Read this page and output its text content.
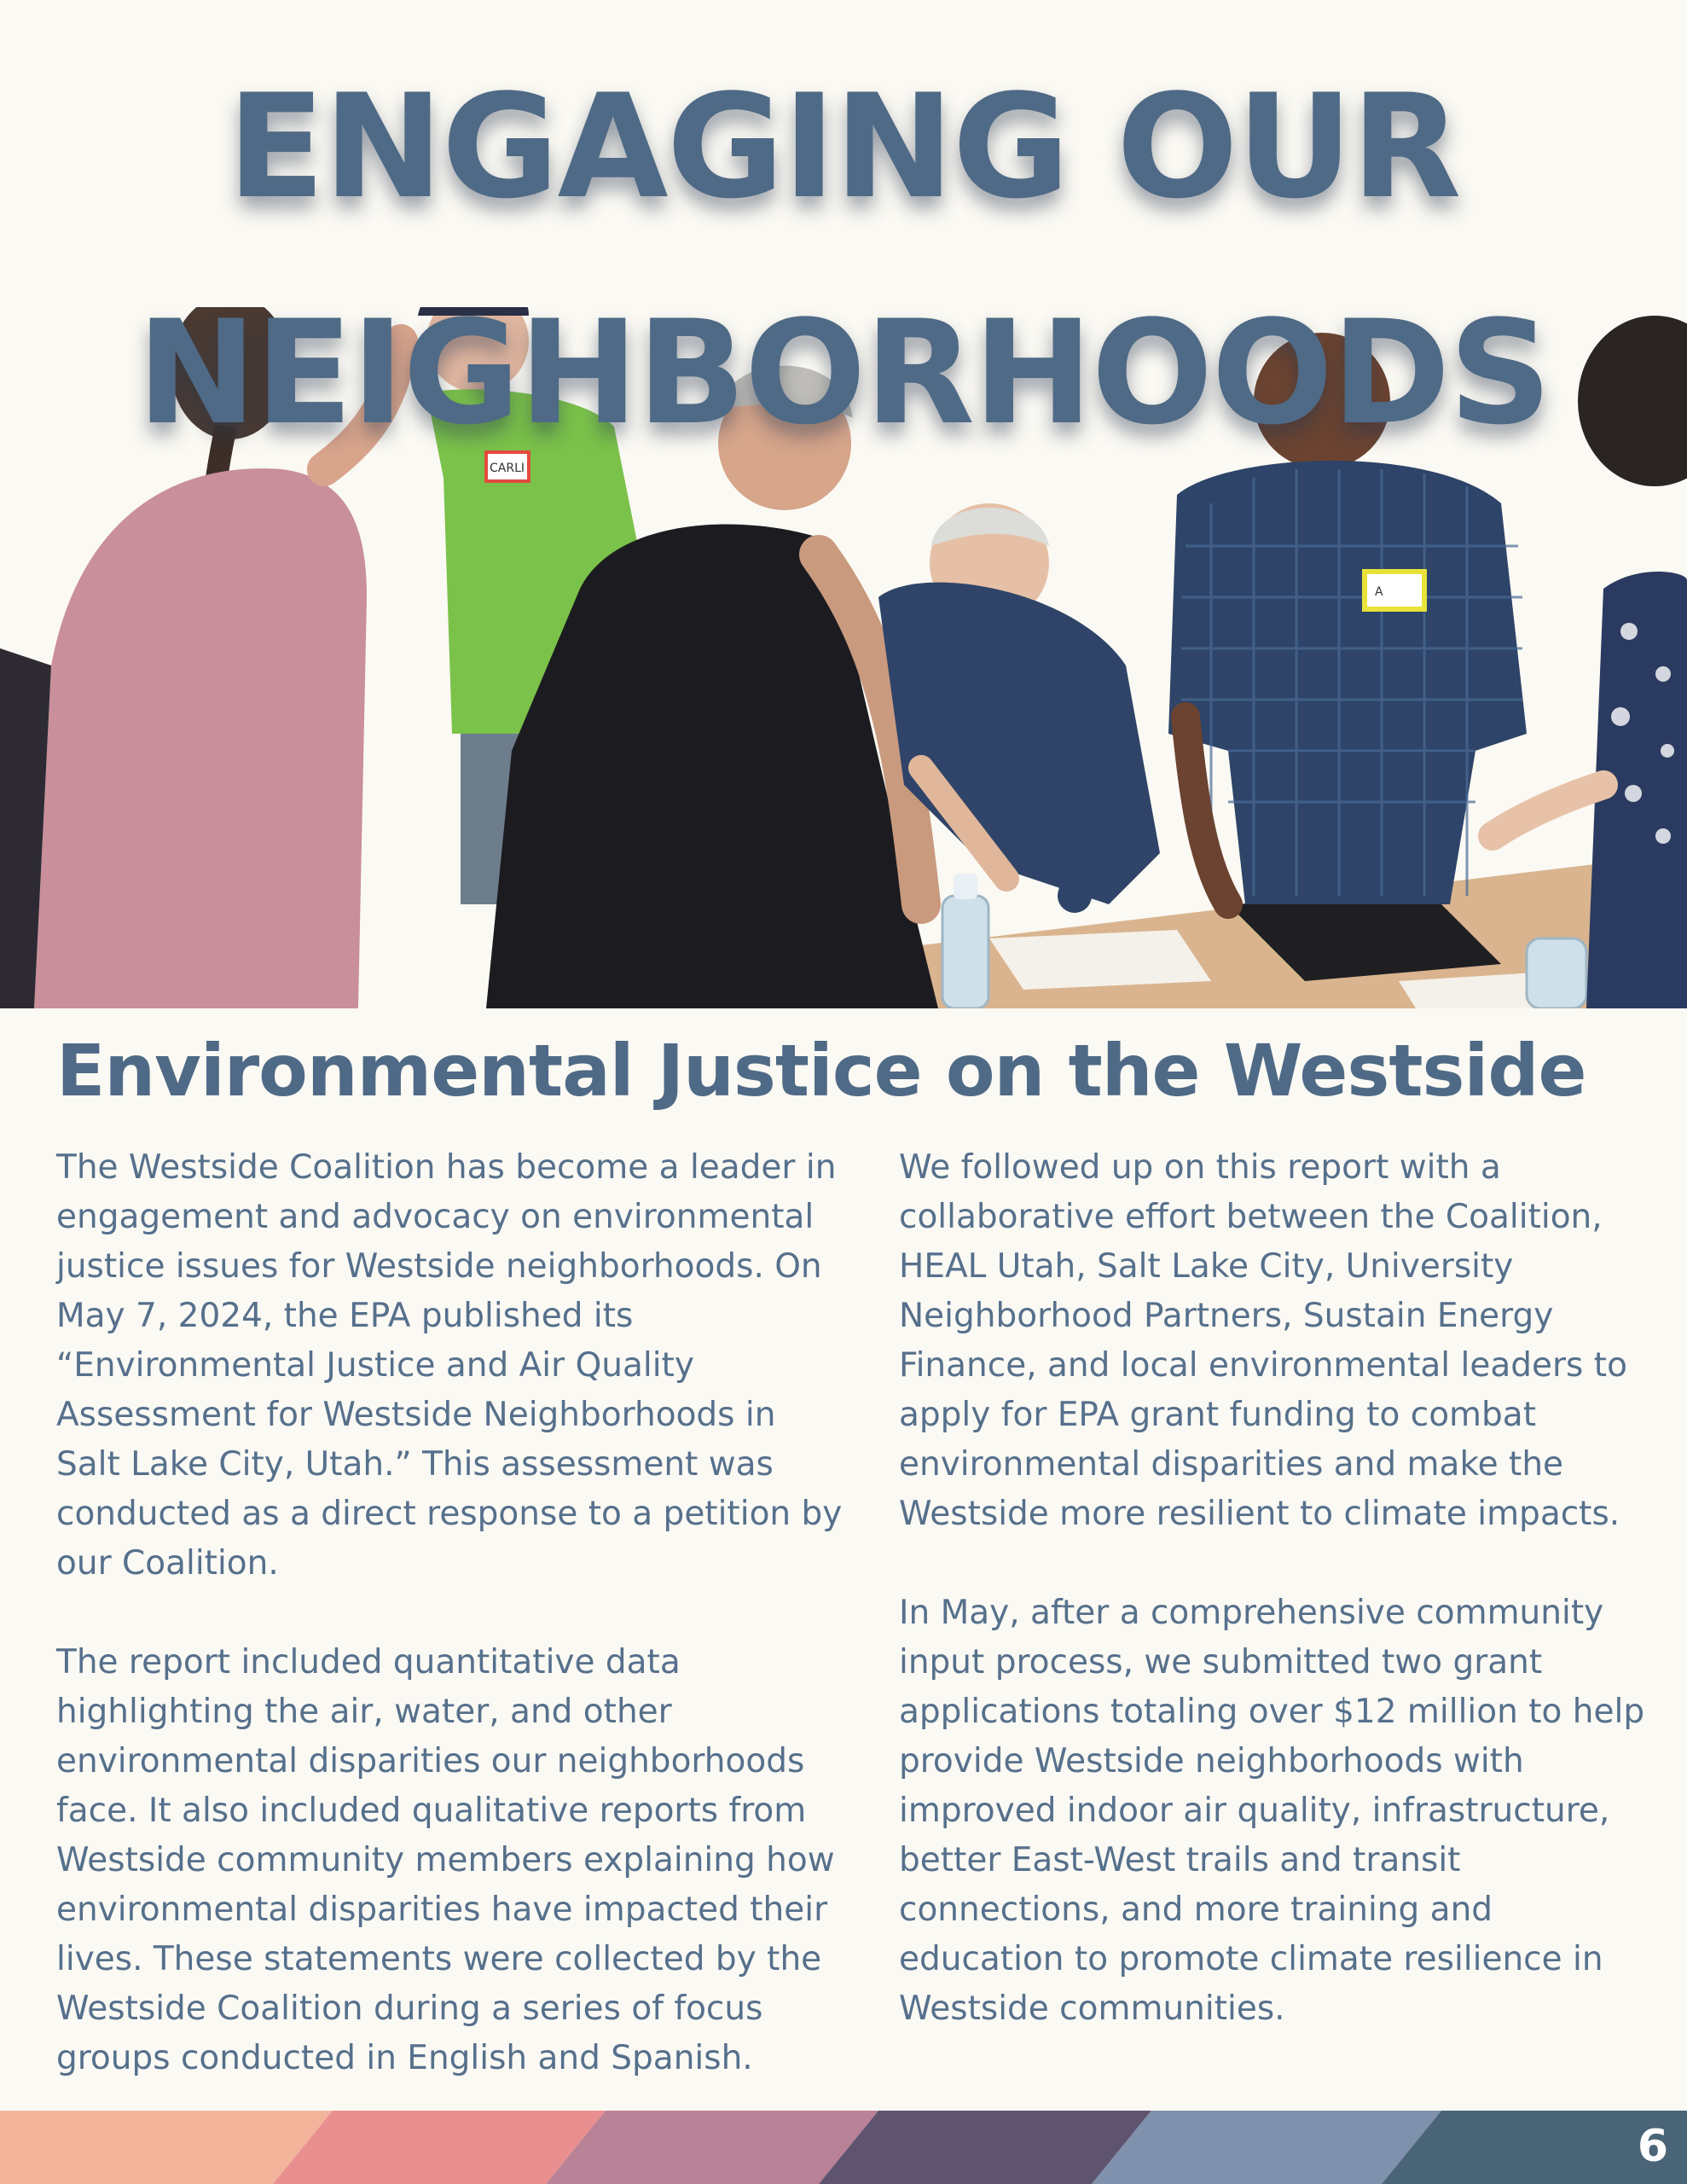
CARLI
A
ENGAGING OUR
NEIGHBORHOODS
Environmental Justice on the Westside

The Westside Coalition has become a leader in engagement and advocacy on environmental justice issues for Westside neighborhoods. On May 7, 2024, the EPA published its “Environmental Justice and Air Quality Assessment for Westside Neighborhoods in Salt Lake City, Utah.” This assessment was conducted as a direct response to a petition by our Coalition.

The report included quantitative data highlighting the air, water, and other environmental disparities our neighborhoods face. It also included qualitative reports from Westside community members explaining how environmental disparities have impacted their lives. These statements were collected by the Westside Coalition during a series of focus groups conducted in English and Spanish.

We followed up on this report with a collaborative effort between the Coalition, HEAL Utah, Salt Lake City, University Neighborhood Partners, Sustain Energy Finance, and local environmental leaders to apply for EPA grant funding to combat environmental disparities and make the Westside more resilient to climate impacts.

In May, after a comprehensive community input process, we submitted two grant applications totaling over $12 million to help provide Westside neighborhoods with improved indoor air quality, infrastructure, better East-West trails and transit connections, and more training and education to promote climate resilience in Westside communities.

6
